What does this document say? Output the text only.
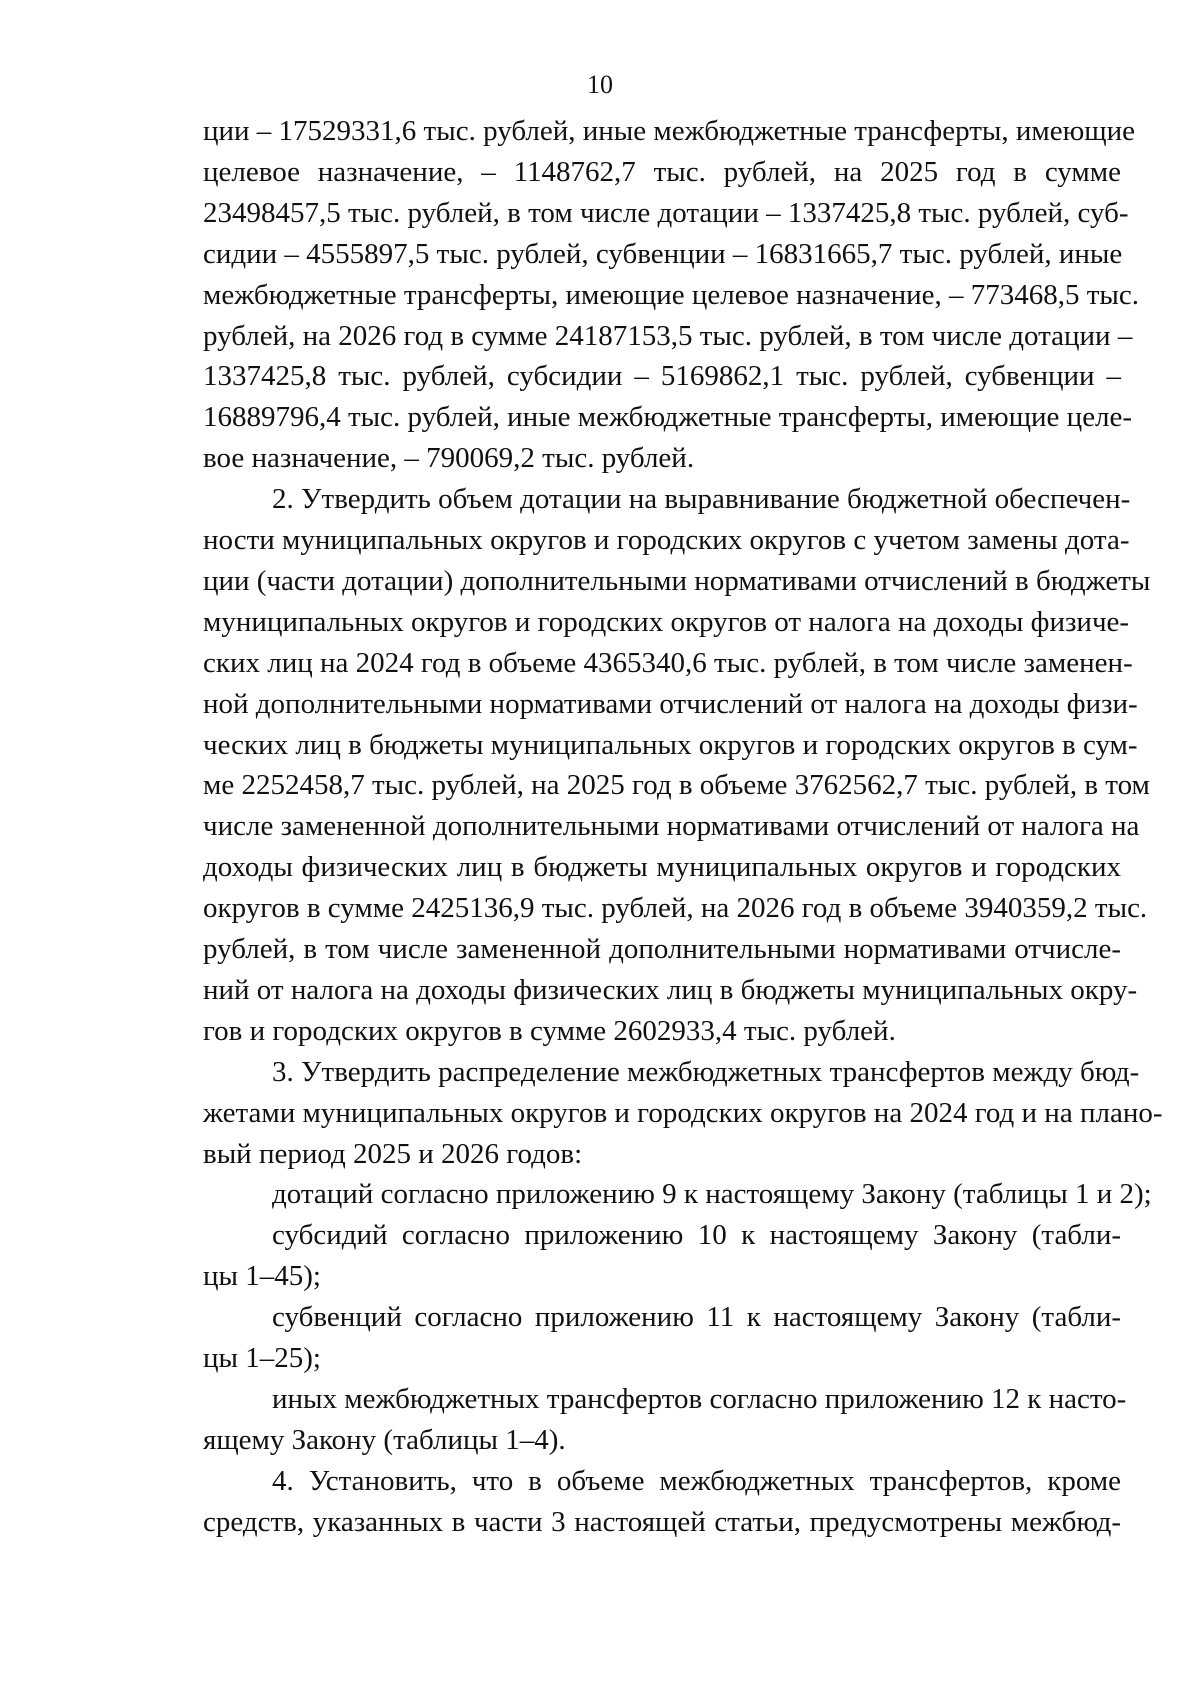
10
ции – 17529331,6 тыс. рублей, иные межбюджетные трансферты, имеющие
целевое назначение, – 1148762,7 тыс. рублей, на 2025 год в сумме
23498457,5 тыс. рублей, в том числе дотации – 1337425,8 тыс. рублей, суб-
сидии – 4555897,5 тыс. рублей, субвенции – 16831665,7 тыс. рублей, иные
межбюджетные трансферты, имеющие целевое назначение, – 773468,5 тыс.
рублей, на 2026 год в сумме 24187153,5 тыс. рублей, в том числе дотации –
1337425,8 тыс. рублей, субсидии – 5169862,1 тыс. рублей, субвенции –
16889796,4 тыс. рублей, иные межбюджетные трансферты, имеющие целе-
вое назначение, – 790069,2 тыс. рублей.
2. Утвердить объем дотации на выравнивание бюджетной обеспечен-
ности муниципальных округов и городских округов с учетом замены дота-
ции (части дотации) дополнительными нормативами отчислений в бюджеты
муниципальных округов и городских округов от налога на доходы физиче-
ских лиц на 2024 год в объеме 4365340,6 тыс. рублей, в том числе заменен-
ной дополнительными нормативами отчислений от налога на доходы физи-
ческих лиц в бюджеты муниципальных округов и городских округов в сум-
ме 2252458,7 тыс. рублей, на 2025 год в объеме 3762562,7 тыс. рублей, в том
числе замененной дополнительными нормативами отчислений от налога на
доходы физических лиц в бюджеты муниципальных округов и городских
округов в сумме 2425136,9 тыс. рублей, на 2026 год в объеме 3940359,2 тыс.
рублей, в том числе замененной дополнительными нормативами отчисле-
ний от налога на доходы физических лиц в бюджеты муниципальных окру-
гов и городских округов в сумме 2602933,4 тыс. рублей.
3. Утвердить распределение межбюджетных трансфертов между бюд-
жетами муниципальных округов и городских округов на 2024 год и на плано-
вый период 2025 и 2026 годов:
дотаций согласно приложению 9 к настоящему Закону (таблицы 1 и 2);
субсидий согласно приложению 10 к настоящему Закону (табли-
цы 1–45);
субвенций согласно приложению 11 к настоящему Закону (табли-
цы 1–25);
иных межбюджетных трансфертов согласно приложению 12 к насто-
ящему Закону (таблицы 1–4).
4. Установить, что в объеме межбюджетных трансфертов, кроме
средств, указанных в части 3 настоящей статьи, предусмотрены межбюд-
